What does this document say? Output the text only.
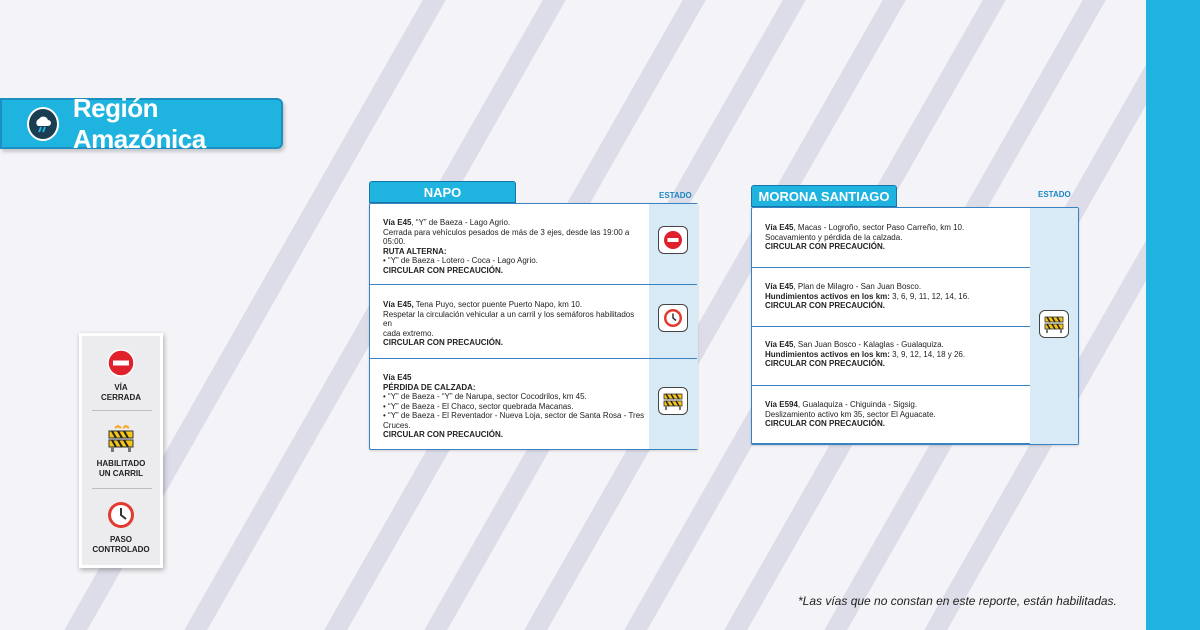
Región Amazónica
VÍA
CERRADA
HABILITADO
UN CARRIL
PASO
CONTROLADO
NAPO	ESTADO
Vía E45, “Y” de Baeza - Lago Agrio.
Cerrada para vehículos pesados de más de 3 ejes, desde las 19:00 a 05:00.
RUTA ALTERNA:
• “Y” de Baeza - Lotero - Coca - Lago Agrio.
CIRCULAR CON PRECAUCIÓN.
Vía E45, Tena Puyo, sector puente Puerto Napo, km 10.
Respetar la circulación vehicular a un carril y los semáforos habilitados en
cada extremo.
CIRCULAR CON PRECAUCIÓN.
Vía E45
PÉRDIDA DE CALZADA:
• “Y” de Baeza - “Y” de Narupa, sector Cocodrilos, km 45.
• “Y” de Baeza - El Chaco, sector quebrada Macanas.
• “Y” de Baeza - El Reventador - Nueva Loja, sector de Santa Rosa - Tres Cruces.
CIRCULAR CON PRECAUCIÓN.
MORONA SANTIAGO	ESTADO
Vía E45, Macas - Logroño, sector Paso Carreño, km 10.
Socavamiento y pérdida de la calzada.
CIRCULAR CON PRECAUCIÓN.
Vía E45, Plan de Milagro - San Juan Bosco.
Hundimientos activos en los km: 3, 6, 9, 11, 12, 14, 16.
CIRCULAR CON PRECAUCIÓN.
Vía E45, San Juan Bosco - Kalaglas - Gualaquiza.
Hundimientos activos en los km: 3, 9, 12, 14, 18 y 26.
CIRCULAR CON PRECAUCIÓN.
Vía E594, Gualaquiza - Chiguinda - Sigsig.
Deslizamiento activo km 35, sector El Aguacate.
CIRCULAR CON PRECAUCIÓN.
*Las vías que no constan en este reporte, están habilitadas.
